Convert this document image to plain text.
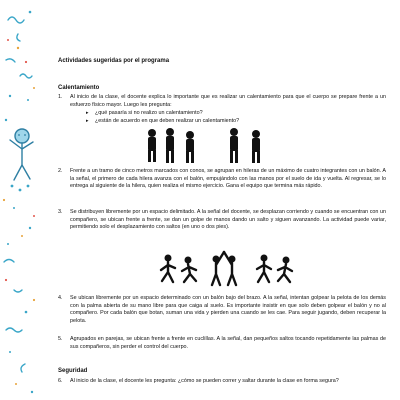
Actividades sugeridas por el programa
Calentamiento
1. Al inicio de la clase, el docente explica lo importante que es realizar un calentamiento para que el cuerpo se prepare frente a un esfuerzo físico mayor. Luego les pregunta:
▸ ¿qué pasaría si no realizo un calentamiento?
▸ ¿están de acuerdo en que deben realizar un calentamiento?
2. Frente a un tramo de cinco metros marcados con conos, se agrupan en hileras de un máximo de cuatro integrantes con un balón. A la señal, el primero de cada hilera avanza con el balón, empujándolo con las manos por el suelo de ida y vuelta. Al regresar, se lo entrega al siguiente de la hilera, quien realiza el mismo ejercicio. Gana el equipo que termina más rápido.
3. Se distribuyen libremente por un espacio delimitado. A la señal del docente, se desplazan corriendo y cuando se encuentran con un compañero, se ubican frente a frente, se dan un golpe de manos dando un salto y siguen avanzando. La actividad puede variar, permitiendo solo el desplazamiento con saltos (en uno o dos pies).
4. Se ubican libremente por un espacio determinado con un balón bajo del brazo. A la señal, intentan golpear la pelota de los demás con la palma abierta de su mano libre para que caiga al suelo. Es importante insistir en que solo deben golpear el balón y no al compañero. Por cada balón que botan, suman una vida y pierden una cuando se les cae. Para seguir jugando, deben recuperar la pelota.
5. Agrupados en parejas, se ubican frente a frente en cuclillas. A la señal, dan pequeños saltos tocando repetidamente las palmas de sus compañeros, sin perder el control del cuerpo.
Seguridad
6. Al inicio de la clase, el docente les pregunta: ¿cómo se pueden correr y saltar durante la clase en forma segura?
